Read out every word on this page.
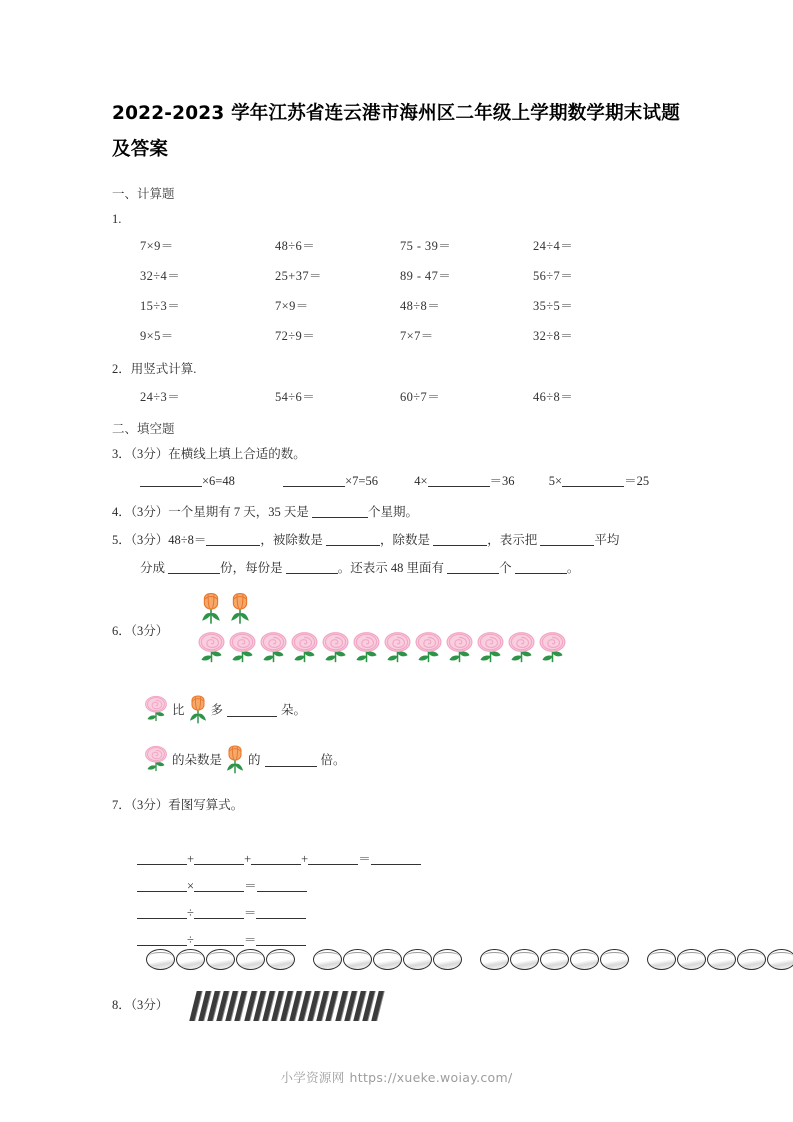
2022-2023 学年江苏省连云港市海州区二年级上学期数学期末试题及答案
一、计算题
1.
7×9＝	48÷6＝	75 - 39＝	24÷4＝
32÷4＝	25+37＝	89 - 47＝	56÷7＝
15÷3＝	7×9＝	48÷8＝	35÷5＝
9×5＝	72÷9＝	7×7＝	32÷8＝
2．用竖式计算.
24÷3＝	54÷6＝	60÷7＝	46÷8＝
二、填空题
3．（3分）在横线上填上合适的数。
×6=48	×7=56	4×	＝36	5×	＝25
4．（3分）一个星期有 7 天，35 天是	个星期。
5．（3分）48÷8＝	，被除数是	，除数是	，表示把	平均
分成	份，每份是	。还表示 48 里面有	个	。
6．（3分）
比 多	朵。
的朵数是 的	倍。
7．（3分）看图写算式。
+	+	+	＝
×	＝
÷	＝
÷	＝
8．（3分）
小学资源网 https://xueke.woiay.com/
